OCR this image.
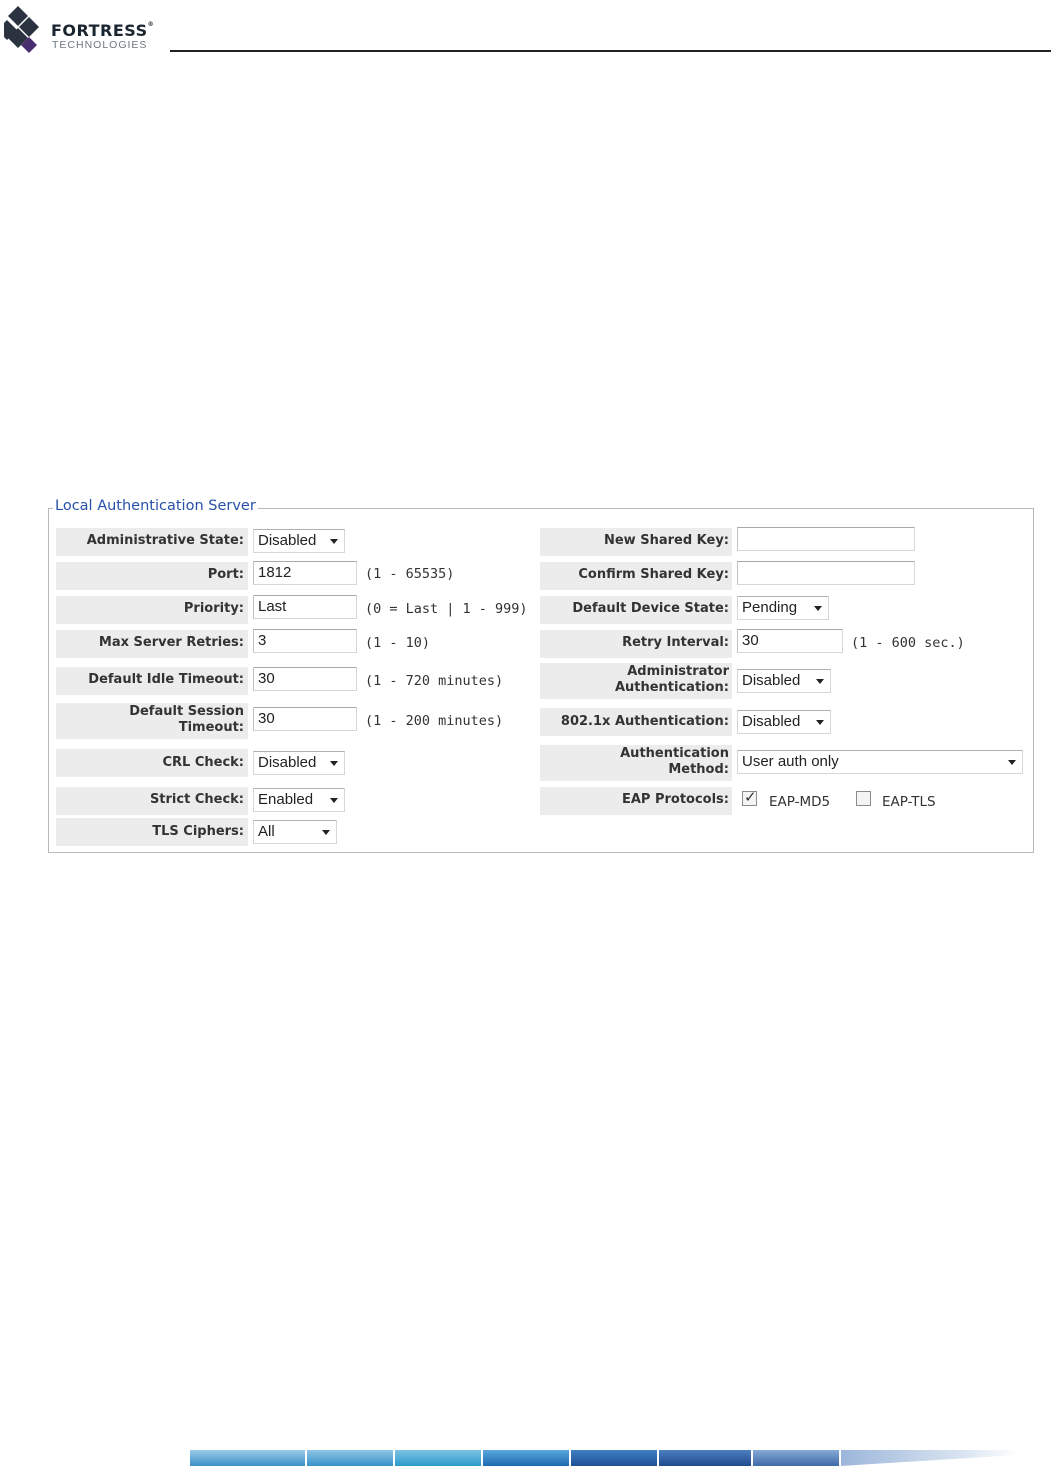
FORTRESS®
TECHNOLOGIES
Local Authentication Server
Administrative State: Disabled
Port: 1812	(1 - 65535)
Priority: Last	(0 = Last | 1 - 999)
Max Server Retries: 3	(1 - 10)
Default Idle Timeout: 30	(1 - 720 minutes)
Default Session Timeout:
30	(1 - 200 minutes)
CRL Check: Disabled
Strict Check: Enabled
TLS Ciphers: All
New Shared Key:
Confirm Shared Key:
Default Device State: Pending
Retry Interval: 30	(1 - 600 sec.)
Administrator Authentication: Disabled
802.1x Authentication: Disabled
Authentication Method: User auth only
EAP Protocols: ✓ EAP-MD5	EAP-TLS
